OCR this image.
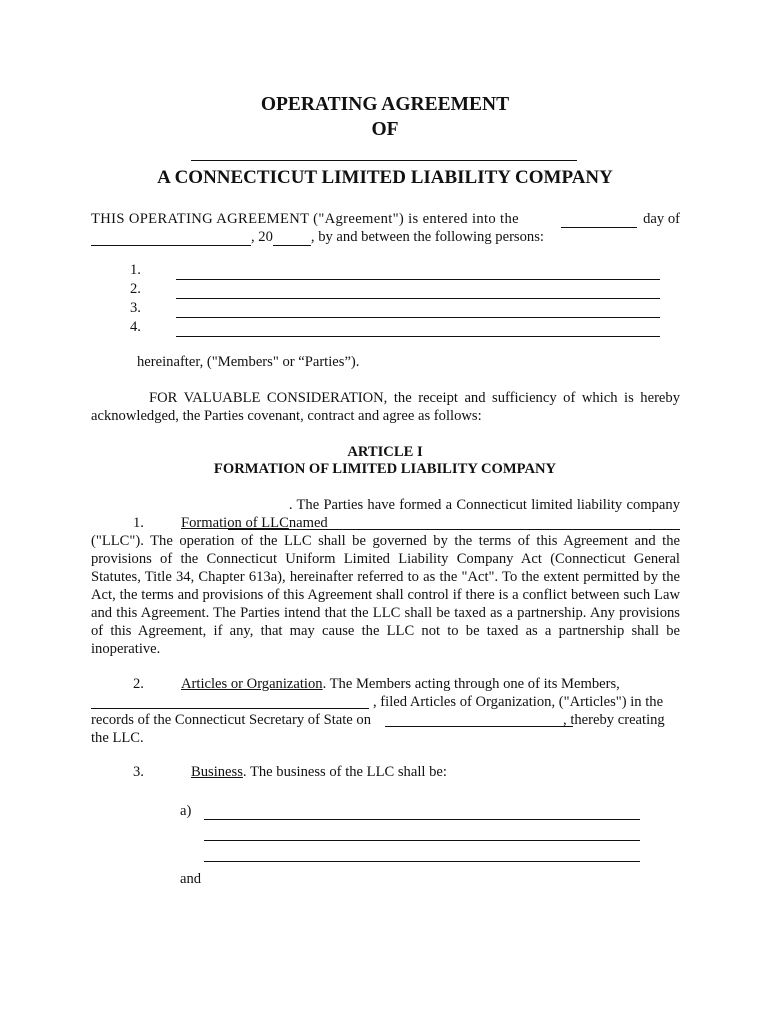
OPERATING AGREEMENT
OF
A CONNECTICUT LIMITED LIABILITY COMPANY
THIS OPERATING AGREEMENT ("Agreement") is entered into the	day of
, 20	, by and between the following persons:
1.
2.
3.
4.
hereinafter, ("Members" or “Parties”).
FOR VALUABLE CONSIDERATION, the receipt and sufficiency of which is hereby acknowledged, the Parties covenant, contract and agree as follows:
ARTICLE I
FORMATION OF LIMITED LIABILITY COMPANY
1.	Formation of LLC
. The Parties have formed a Connecticut limited liability company named
("LLC"). The operation of the LLC shall be governed by the terms of this Agreement and the provisions of the Connecticut Uniform Limited Liability Company Act (Connecticut General Statutes, Title 34, Chapter 613a), hereinafter referred to as the "Act". To the extent permitted by the Act, the terms and provisions of this Agreement shall control if there is a conflict between such Law and this Agreement. The Parties intend that the LLC shall be taxed as a partnership. Any provisions of this Agreement, if any, that may cause the LLC not to be taxed as a partnership shall be inoperative.
2.	Articles or Organization . The Members acting through one of its Members,
, filed Articles of Organization, ("Articles") in the records of the Connecticut Secretary of State on	, thereby creating the LLC.
3.	Business . The business of the LLC shall be:
a)
and
